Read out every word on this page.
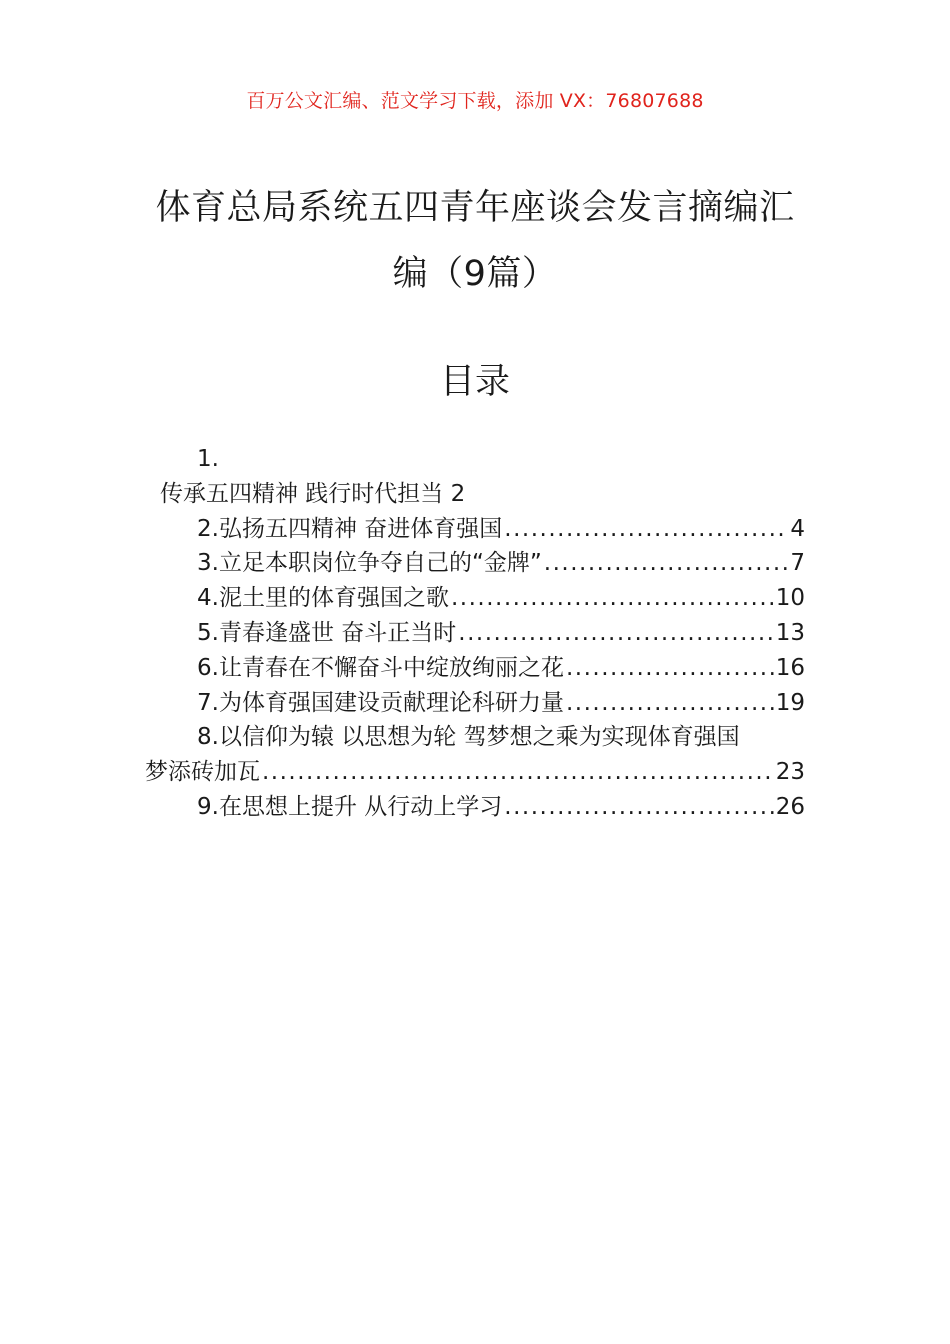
百万公文汇编、范文学习下载，添加 VX：76807688
体育总局系统五四青年座谈会发言摘编汇
编（9篇）
目录
1.
传承五四精神 践行时代担当 2
2.弘扬五四精神 奋进体育强国 .....	4
3.立足本职岗位争夺自己的“金牌” .....	7
4.泥土里的体育强国之歌 .....	10
5.青春逢盛世 奋斗正当时 .....	13
6.让青春在不懈奋斗中绽放绚丽之花 .....	16
7.为体育强国建设贡献理论科研力量 .....	19
8.以信仰为辕 以思想为轮 驾梦想之乘为实现体育强国
梦添砖加瓦 .....	23
9.在思想上提升 从行动上学习 .....	26
